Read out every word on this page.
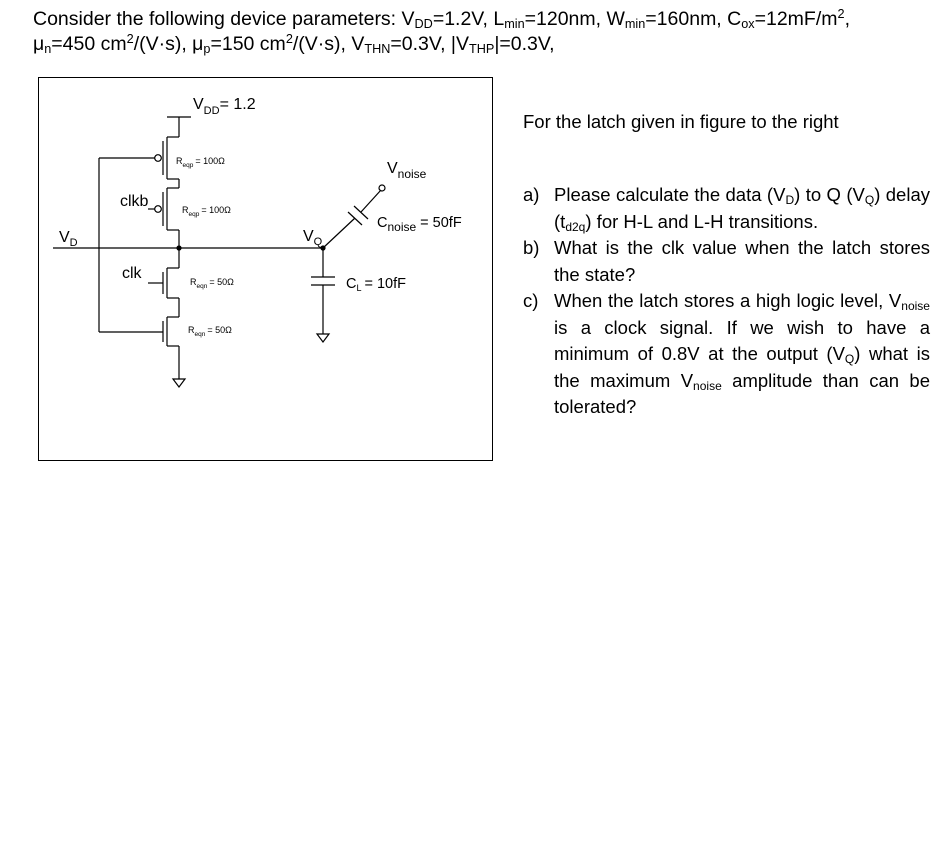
Consider the following device parameters: $V_{DD}=1.2V$, $L_{min}=120nm$, $W_{min}=160nm$, $C_{ox}=12mF/m^2$,
$\mu_n=450$ $cm^2/(V\cdot s)$, $\mu_p=150$ $cm^2/(V\cdot s)$, $V_{THN}=0.3V$, $|V_{THP}|=0.3V$,
$V_{DD}= 1.2$
$R_{eqp} = 100\Omega$
$R_{eqp} = 100\Omega$
$R_{eqn} = 50\Omega$
$R_{eqn} = 50\Omega$
clkb
clk
$V_D$	$V_Q$
$V_{noise}$
$C_{noise} = 50fF$
$C_L = 10fF$
For the latch given in figure to the right
a) Please calculate the data $(V_D)$ to Q $(V_Q)$ delay $(t_{d2q})$ for H-L and L-H transitions.
b) What is the clk value when the latch stores the state?
c) When the latch stores a high logic level, $V_{noise}$ is a clock signal. If we wish to have a minimum of 0.8V at the output $(V_Q)$ what is the maximum $V_{noise}$ amplitude than can be tolerated?
